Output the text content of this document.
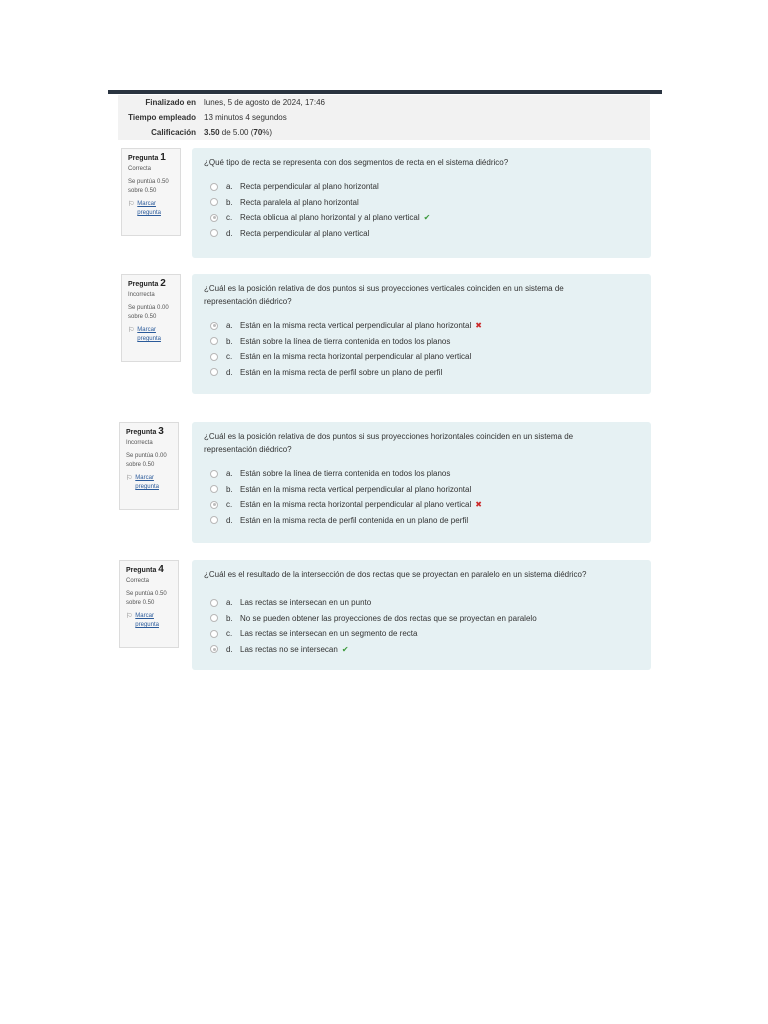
Finalizado en	lunes, 5 de agosto de 2024, 17:46
Tiempo empleado	13 minutos 4 segundos
Calificación	3.50 de 5.00 (70%)
Pregunta 1
Correcta
Se puntúa 0.50
sobre 0.50
⚐ Marcar
pregunta
¿Qué tipo de recta se representa con dos segmentos de recta en el sistema diédrico?
a. Recta perpendicular al plano horizontal
b. Recta paralela al plano horizontal
c. Recta oblicua al plano horizontal y al plano vertical ✔
d. Recta perpendicular al plano vertical
Pregunta 2
Incorrecta
Se puntúa 0.00
sobre 0.50
⚐ Marcar
pregunta
¿Cuál es la posición relativa de dos puntos si sus proyecciones verticales coinciden en un sistema de representación diédrico?
a. Están en la misma recta vertical perpendicular al plano horizontal ✖
b. Están sobre la línea de tierra contenida en todos los planos
c. Están en la misma recta horizontal perpendicular al plano vertical
d. Están en la misma recta de perfil sobre un plano de perfil
Pregunta 3
Incorrecta
Se puntúa 0.00
sobre 0.50
⚐ Marcar
pregunta
¿Cuál es la posición relativa de dos puntos si sus proyecciones horizontales coinciden en un sistema de representación diédrico?
a. Están sobre la línea de tierra contenida en todos los planos
b. Están en la misma recta vertical perpendicular al plano horizontal
c. Están en la misma recta horizontal perpendicular al plano vertical ✖
d. Están en la misma recta de perfil contenida en un plano de perfil
Pregunta 4
Correcta
Se puntúa 0.50
sobre 0.50
⚐ Marcar
pregunta
¿Cuál es el resultado de la intersección de dos rectas que se proyectan en paralelo en un sistema diédrico?
a. Las rectas se intersecan en un punto
b. No se pueden obtener las proyecciones de dos rectas que se proyectan en paralelo
c. Las rectas se intersecan en un segmento de recta
d. Las rectas no se intersecan ✔
